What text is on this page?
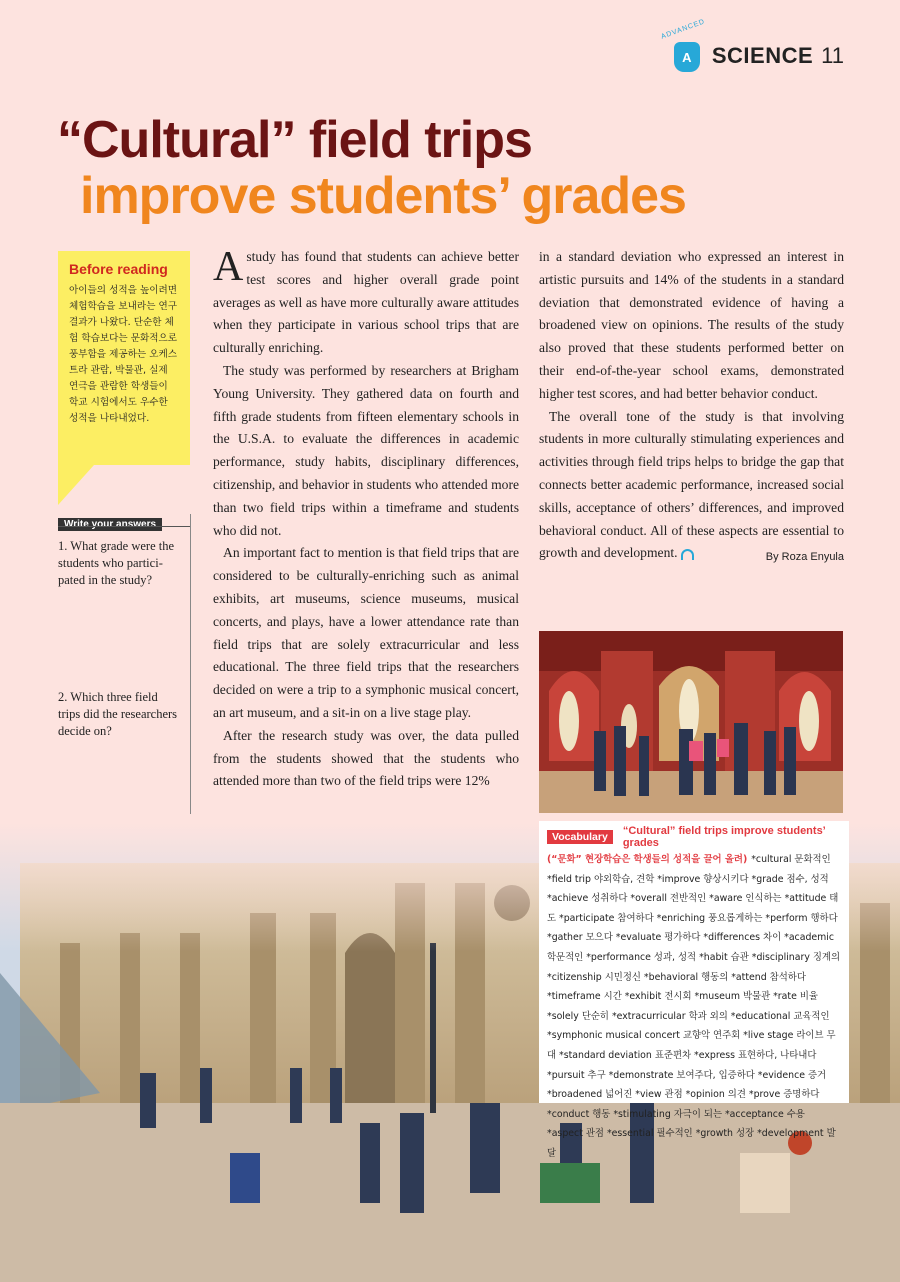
ADVANCED
A SCIENCE 11
“Cultural” field trips
improve students’ grades
Before reading

아이들의 성적을 높이려면 체험학습을 보내라는 연구 결과가 나왔다. 단순한 체험 학습보다는 문화적으로 풍부함을 제공하는 오케스트라 관람, 박물관, 실제 연극을 관람한 학생들이 학교 시험에서도 우수한 성적을 나타내었다.

Write your answers
1. What grade were the students who participated in the study?
2. Which three field trips did the researchers decide on?

A study has found that students can achieve better test scores and higher overall grade point averages as well as have more culturally aware attitudes when they participate in various school trips that are culturally enriching.

The study was performed by researchers at Brigham Young University. They gathered data on fourth and fifth grade students from fifteen elementary schools in the U.S.A. to evaluate the differences in academic performance, study habits, disciplinary differences, citizenship, and behavior in students who attended more than two field trips within a timeframe and students who did not.

An important fact to mention is that field trips that are considered to be culturally-enriching such as animal exhibits, art museums, science museums, musical concerts, and plays, have a lower attendance rate than field trips that are solely extracurricular and less educational. The three field trips that the researchers decided on were a trip to a symphonic musical concert, an art museum, and a sit-in on a live stage play.

After the research study was over, the data pulled from the students showed that the students who attended more than two of the field trips were 12%

in a standard deviation who expressed an interest in artistic pursuits and 14% of the students in a standard deviation that demonstrated evidence of having a broadened view on opinions. The results of the study also proved that these students performed better on their end-of-the-year school exams, demonstrated higher test scores, and had better behavior conduct.

The overall tone of the study is that involving students in more culturally stimulating experiences and activities through field trips helps to bridge the gap that connects better academic performance, increased social skills, acceptance of others’ differences, and improved behavioral conduct. All of these aspects are essential to growth and development.	By Roza Enyula

Vocabulary	“Cultural” field trips improve students’ grades
(“문화” 현장학습은 학생들의 성적을 끌어 올려) *cultural 문화적인 *field trip 야외학습, 견학 *improve 향상시키다 *grade 점수, 성적 *achieve 성취하다 *overall 전반적인 *aware 인식하는 *attitude 태도 *participate 참여하다 *enriching 풍요롭게하는 *perform 행하다 *gather 모으다 *evaluate 평가하다 *differences 차이 *academic 학문적인 *performance 성과, 성적 *habit 습관 *disciplinary 징계의 *citizenship 시민정신 *behavioral 행동의 *attend 참석하다 *timeframe 시간 *exhibit 전시회 *museum 박물관 *rate 비율 *solely 단순히 *extracurricular 학과 외의 *educational 교육적인 *symphonic musical concert 교향악 연주회 *live stage 라이브 무대 *standard deviation 표준편차 *express 표현하다, 나타내다 *pursuit 추구 *demonstrate 보여주다, 입증하다 *evidence 증거 *broadened 넓어진 *view 관점 *opinion 의견 *prove 증명하다 *conduct 행동 *stimulating 자극이 되는 *acceptance 수용 *aspect 관점 *essential 필수적인 *growth 성장 *development 발달
